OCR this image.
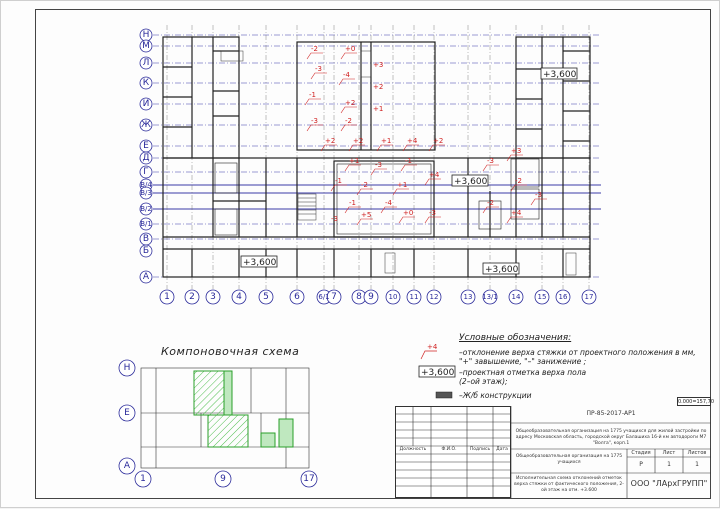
Н
М
Л
К
И
Ж
Е
Д
Г
В/4
В/3
В/2
В/1
В
Б
А
1 2 3 4 5	6	6/1 7 8 9 10 11 12	13 13/1 14 15 16 17
+3,600
+3,600
+3,600
+3,600
-2	+0
-3
-4
-1
+2
-3	-2
+2	+2	+1 +4 +2
+1 -3	-1
-1	-2	+1
+4
-1	-4
+5	+0 -3
+3
+2
+1
-3
+3
-2
-2
+4
-3
-3
+4
+3,600
Н
Е
А
1	9	17
Условные обозначения:
–отклонение верха стяжки от проектного положения в мм,
"+" завышение, "–" занижение ;
–проектная отметка верха пола
(2–ой этаж);
–Ж/б конструкции
Компоновочная схема
0.000=157,70
Должность	Ф.И.О.	Подпись	Дата
ПР-85-2017-АР1
Общеобразовательная организация на 1775 учащихся для жилой застройки по адресу Московская область, городской округ Балашиха 16-й км автодороги М7 "Волга", корп.1
Общеобразовательная организация на 1775 учащихся
Исполнительная схема отклонений отметок верха стяжки от фактического положения, 2-ой этаж на отм. +3.600
Стадия	Лист	Листов
Р	1	1
ООО "ЛАрхГРУПП"
